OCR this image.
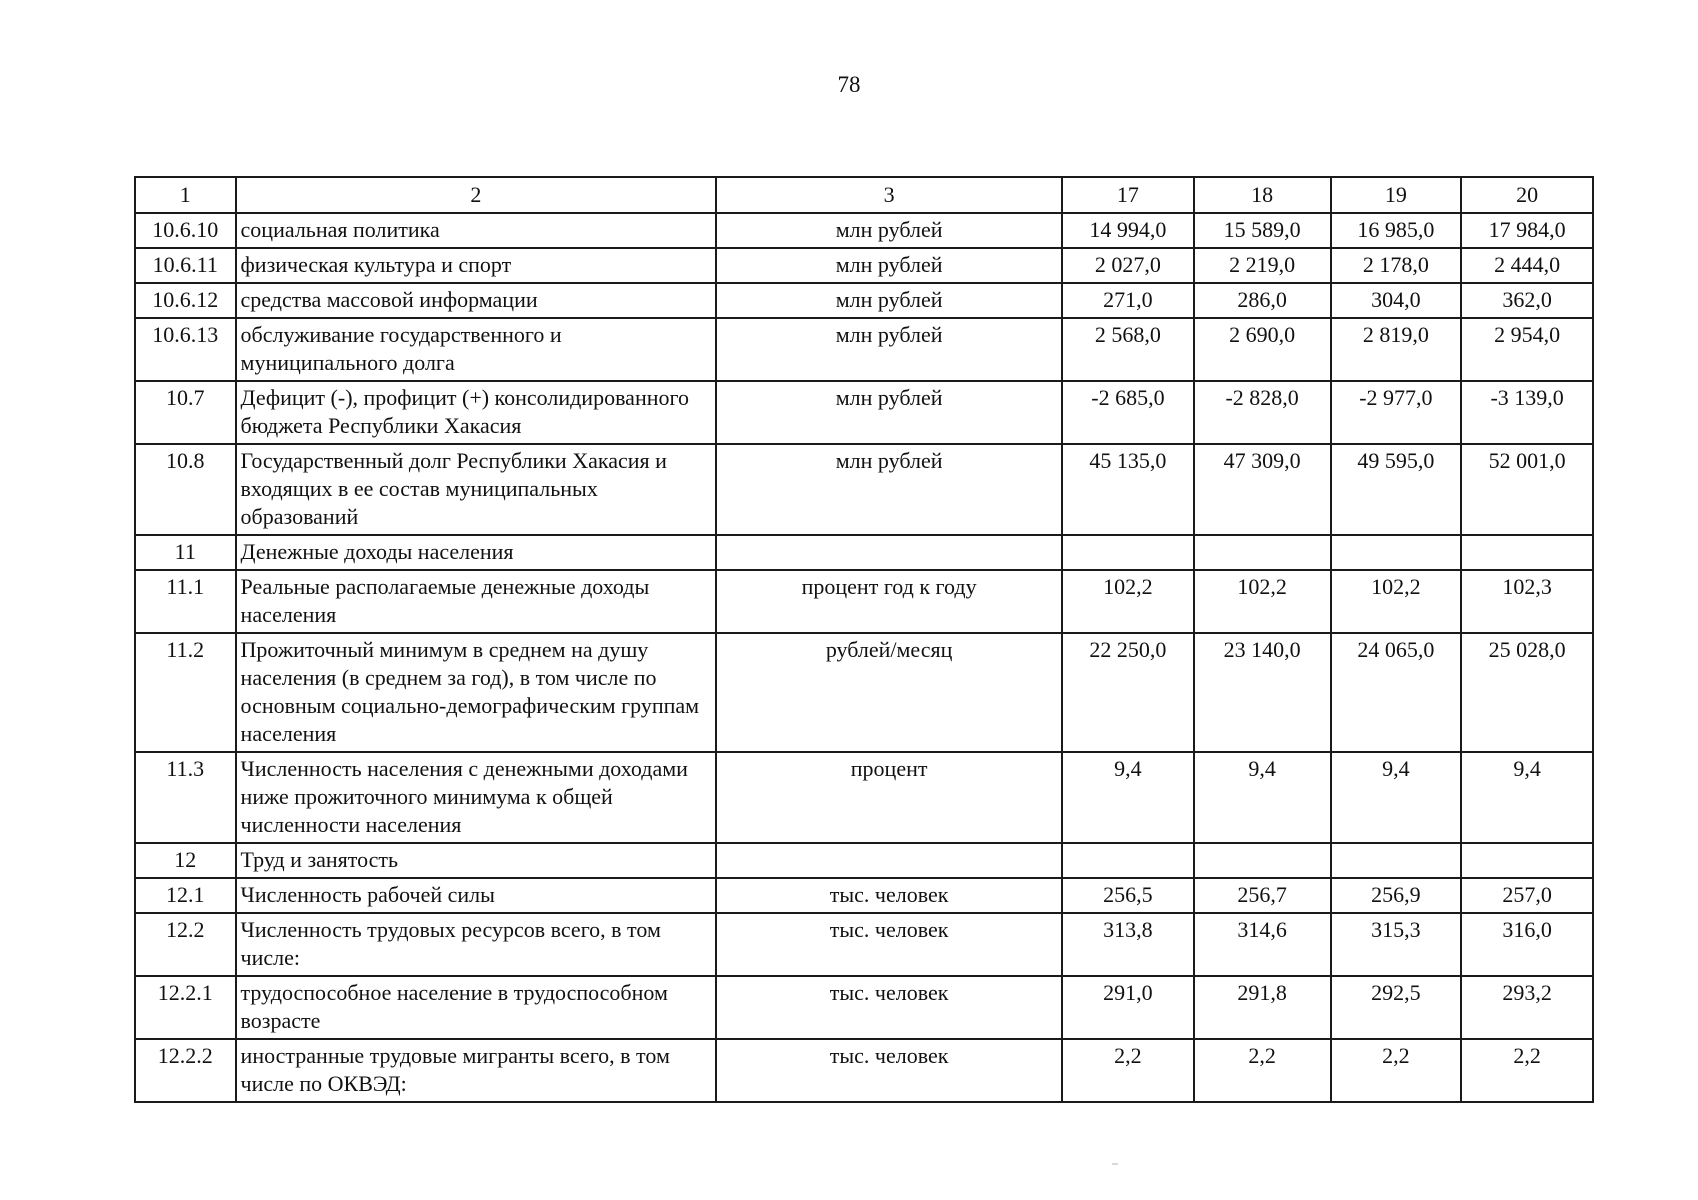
78
1	2	3	17	18	19	20
10.6.10	социальная политика	млн рублей	14 994,0	15 589,0	16 985,0	17 984,0
10.6.11	физическая культура и спорт	млн рублей	2 027,0	2 219,0	2 178,0	2 444,0
10.6.12	средства массовой информации	млн рублей	271,0	286,0	304,0	362,0
10.6.13	обслуживание государственного и муниципального долга	млн рублей	2 568,0	2 690,0	2 819,0	2 954,0
10.7	Дефицит (-), профицит (+) консолидированного бюджета Республики Хакасия	млн рублей	-2 685,0	-2 828,0	-2 977,0	-3 139,0
10.8	Государственный долг Республики Хакасия и входящих в ее состав муниципальных образований	млн рублей	45 135,0	47 309,0	49 595,0	52 001,0
11	Денежные доходы населения					
11.1	Реальные располагаемые денежные доходы населения	процент год к году	102,2	102,2	102,2	102,3
11.2	Прожиточный минимум в среднем на душу населения (в среднем за год), в том числе по основным социально-демографическим группам населения	рублей/месяц	22 250,0	23 140,0	24 065,0	25 028,0
11.3	Численность населения с денежными доходами ниже прожиточного минимума к общей численности населения	процент	9,4	9,4	9,4	9,4
12	Труд и занятость					
12.1	Численность рабочей силы	тыс. человек	256,5	256,7	256,9	257,0
12.2	Численность трудовых ресурсов всего, в том числе:	тыс. человек	313,8	314,6	315,3	316,0
12.2.1	трудоспособное население в трудоспособном возрасте	тыс. человек	291,0	291,8	292,5	293,2
12.2.2	иностранные трудовые мигранты всего, в том числе по ОКВЭД:	тыс. человек	2,2	2,2	2,2	2,2
